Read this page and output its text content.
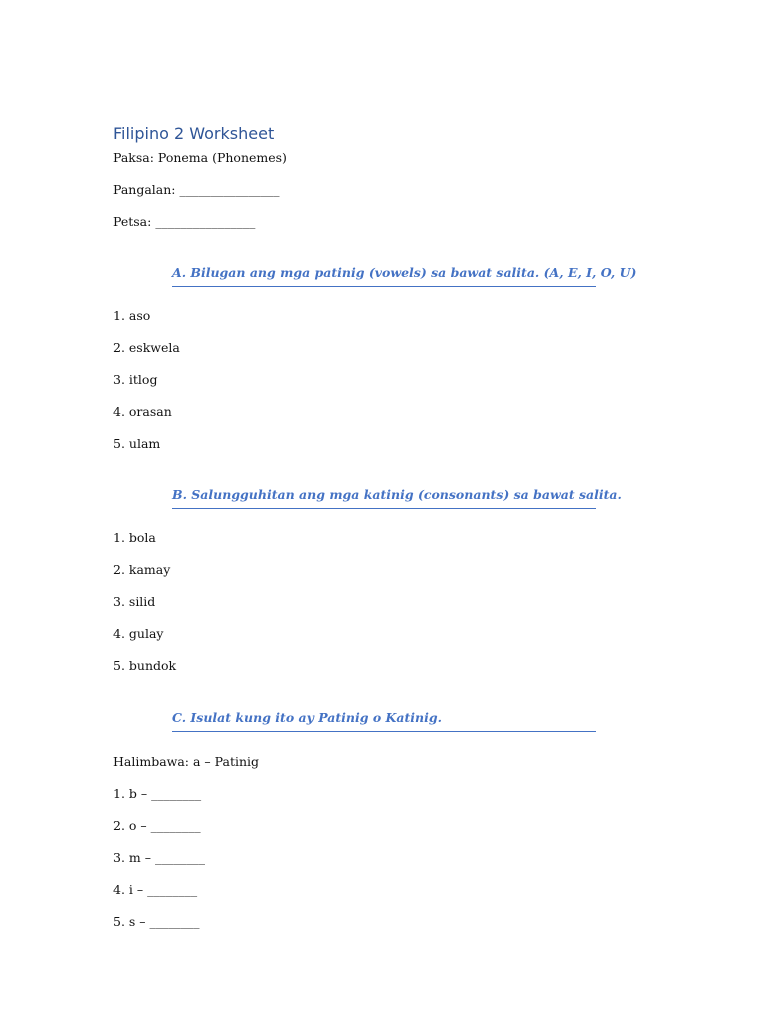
Filipino 2 Worksheet
Paksa: Ponema (Phonemes)
Pangalan: ________________
Petsa: ________________
A. Bilugan ang mga patinig (vowels) sa bawat salita. (A, E, I, O, U)
1. aso
2. eskwela
3. itlog
4. orasan
5. ulam
B. Salungguhitan ang mga katinig (consonants) sa bawat salita.
1. bola
2. kamay
3. silid
4. gulay
5. bundok
C. Isulat kung ito ay Patinig o Katinig.
Halimbawa: a – Patinig
1. b – ________
2. o – ________
3. m – ________
4. i – ________
5. s – ________
